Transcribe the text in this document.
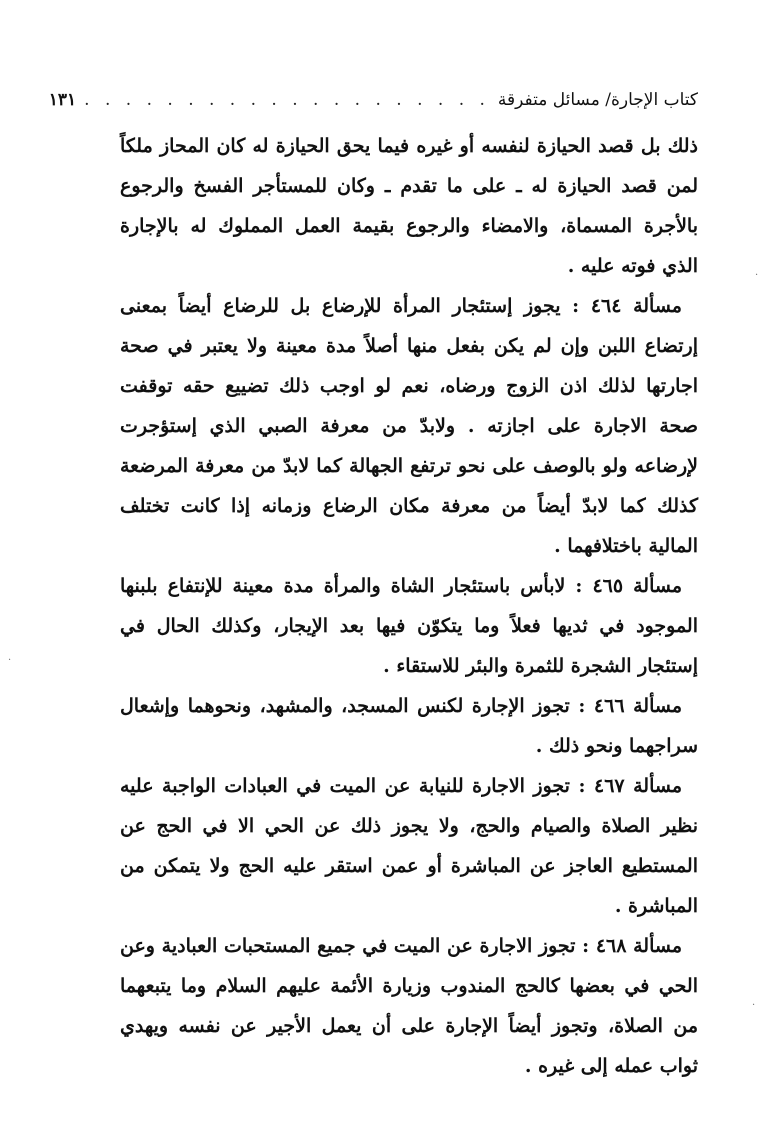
كتاب الإجارة/ مسائل متفرقة
. . . . . . . . . . . . . . . . . . . .
١٣١

ذلك بل قصد الحيازة لنفسه أو غيره فيما يحق الحيازة له كان المحاز ملكاً لمن قصد الحيازة له ـ على ما تقدم ـ وكان للمستأجر الفسخ والرجوع بالأجرة المسماة، والامضاء والرجوع بقيمة العمل المملوك له بالإجارة الذي فوته عليه .

مسألة ٤٦٤ : يجوز إستئجار المرأة للإرضاع بل للرضاع أيضاً بمعنى إرتضاع اللبن وإن لم يكن بفعل منها أصلاً مدة معينة ولا يعتبر في صحة اجارتها لذلك اذن الزوج ورضاه، نعم لو اوجب ذلك تضييع حقه توقفت صحة الاجارة على اجازته . ولابدّ من معرفة الصبي الذي إستؤجرت لإرضاعه ولو بالوصف على نحو ترتفع الجهالة كما لابدّ من معرفة المرضعة كذلك كما لابدّ أيضاً من معرفة مكان الرضاع وزمانه إذا كانت تختلف المالية باختلافهما .

مسألة ٤٦٥ : لابأس باستئجار الشاة والمرأة مدة معينة للإنتفاع بلبنها الموجود في ثديها فعلاً وما يتكوّن فيها بعد الإيجار، وكذلك الحال في إستئجار الشجرة للثمرة والبئر للاستقاء .

مسألة ٤٦٦ : تجوز الإجارة لكنس المسجد، والمشهد، ونحوهما وإشعال سراجهما ونحو ذلك .

مسألة ٤٦٧ : تجوز الاجارة للنيابة عن الميت في العبادات الواجبة عليه نظير الصلاة والصيام والحج، ولا يجوز ذلك عن الحي الا في الحج عن المستطيع العاجز عن المباشرة أو عمن استقر عليه الحج ولا يتمكن من المباشرة .

مسألة ٤٦٨ : تجوز الاجارة عن الميت في جميع المستحبات العبادية وعن الحي في بعضها كالحج المندوب وزيارة الأئمة عليهم السلام وما يتبعهما من الصلاة، وتجوز أيضاً الإجارة على أن يعمل الأجير عن نفسه ويهدي ثواب عمله إلى غيره .

·
·
·
